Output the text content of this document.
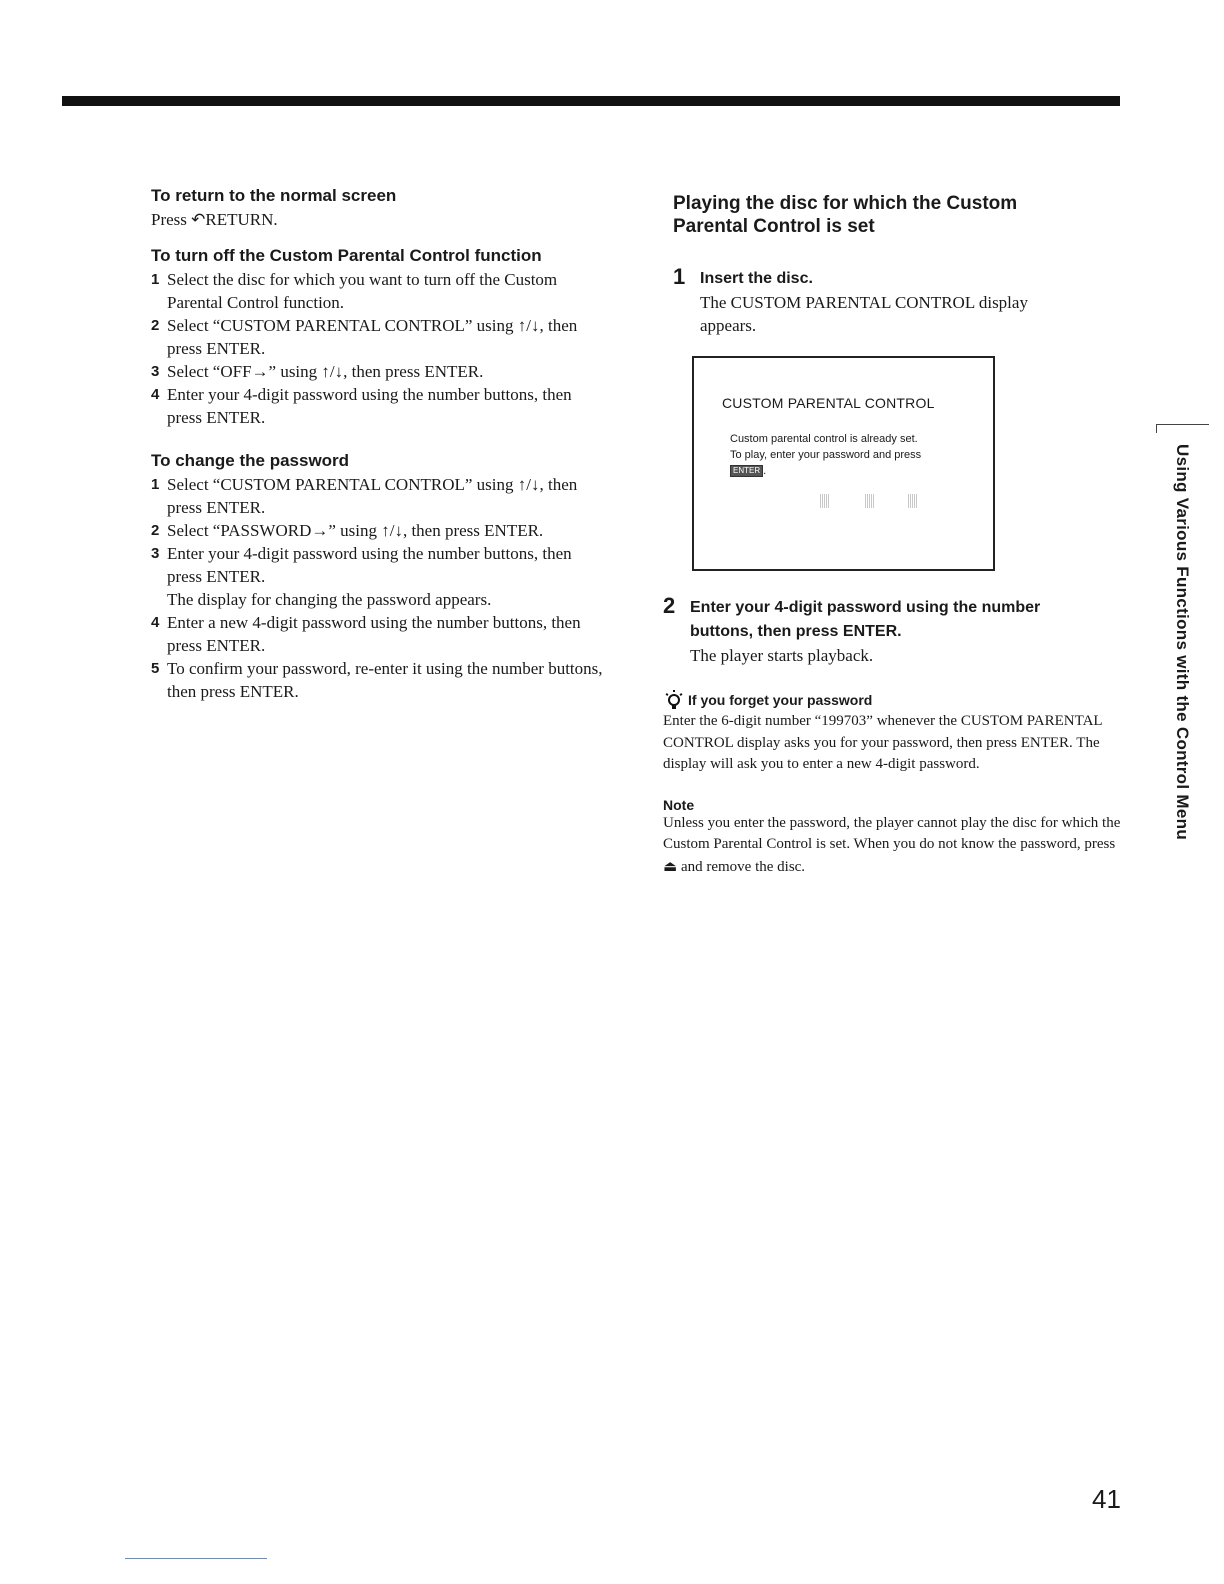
To return to the normal screen
Press ↶RETURN.
To turn off the Custom Parental Control function
1 Select the disc for which you want to turn off the Custom Parental Control function.
2 Select “CUSTOM PARENTAL CONTROL” using ↑/↓, then press ENTER.
3 Select “OFF→” using ↑/↓, then press ENTER.
4 Enter your 4-digit password using the number buttons, then press ENTER.
To change the password
1 Select “CUSTOM PARENTAL CONTROL” using ↑/↓, then press ENTER.
2 Select “PASSWORD→” using ↑/↓, then press ENTER.
3 Enter your 4-digit password using the number buttons, then press ENTER.
The display for changing the password appears.
4 Enter a new 4-digit password using the number buttons, then press ENTER.
5 To confirm your password, re-enter it using the number buttons, then press ENTER.
Playing the disc for which the Custom Parental Control is set
1 Insert the disc.
The CUSTOM PARENTAL CONTROL display appears.
CUSTOM PARENTAL CONTROL
Custom parental control is already set. To play, enter your password and press ENTER .
2 Enter your 4-digit password using the number buttons, then press ENTER.
The player starts playback.
If you forget your password
Enter the 6-digit number “199703” whenever the CUSTOM PARENTAL CONTROL display asks you for your password, then press ENTER. The display will ask you to enter a new 4-digit password.
Note
Unless you enter the password, the player cannot play the disc for which the Custom Parental Control is set. When you do not know the password, press ⏏ and remove the disc.
Using Various Functions with the Control Menu
41
